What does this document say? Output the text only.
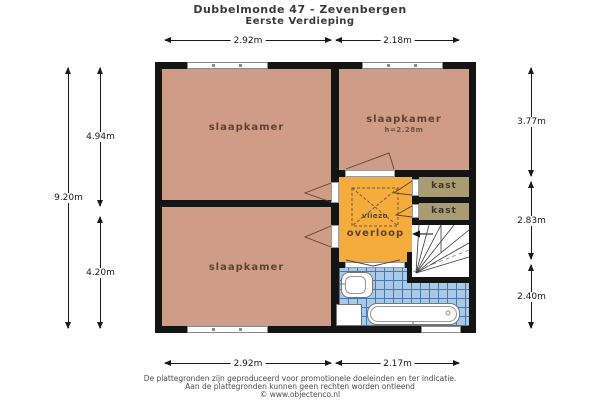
Dubbelmonde 47 - Zevenbergen
Eerste Verdieping
2.92m	2.18m
2.92m	2.17m
9.20m
4.94m
4.20m
3.77m
2.83m
2.40m
slaapkamer
slaapkamer
slaapkamer
h=2.28m
overloop
vliezo
kast
kast
De plattegronden zijn geproduceerd voor promotionele doeleinden en ter indicatie.
Aan de plattegronden kunnen geen rechten worden ontleend
© www.objectenco.nl
